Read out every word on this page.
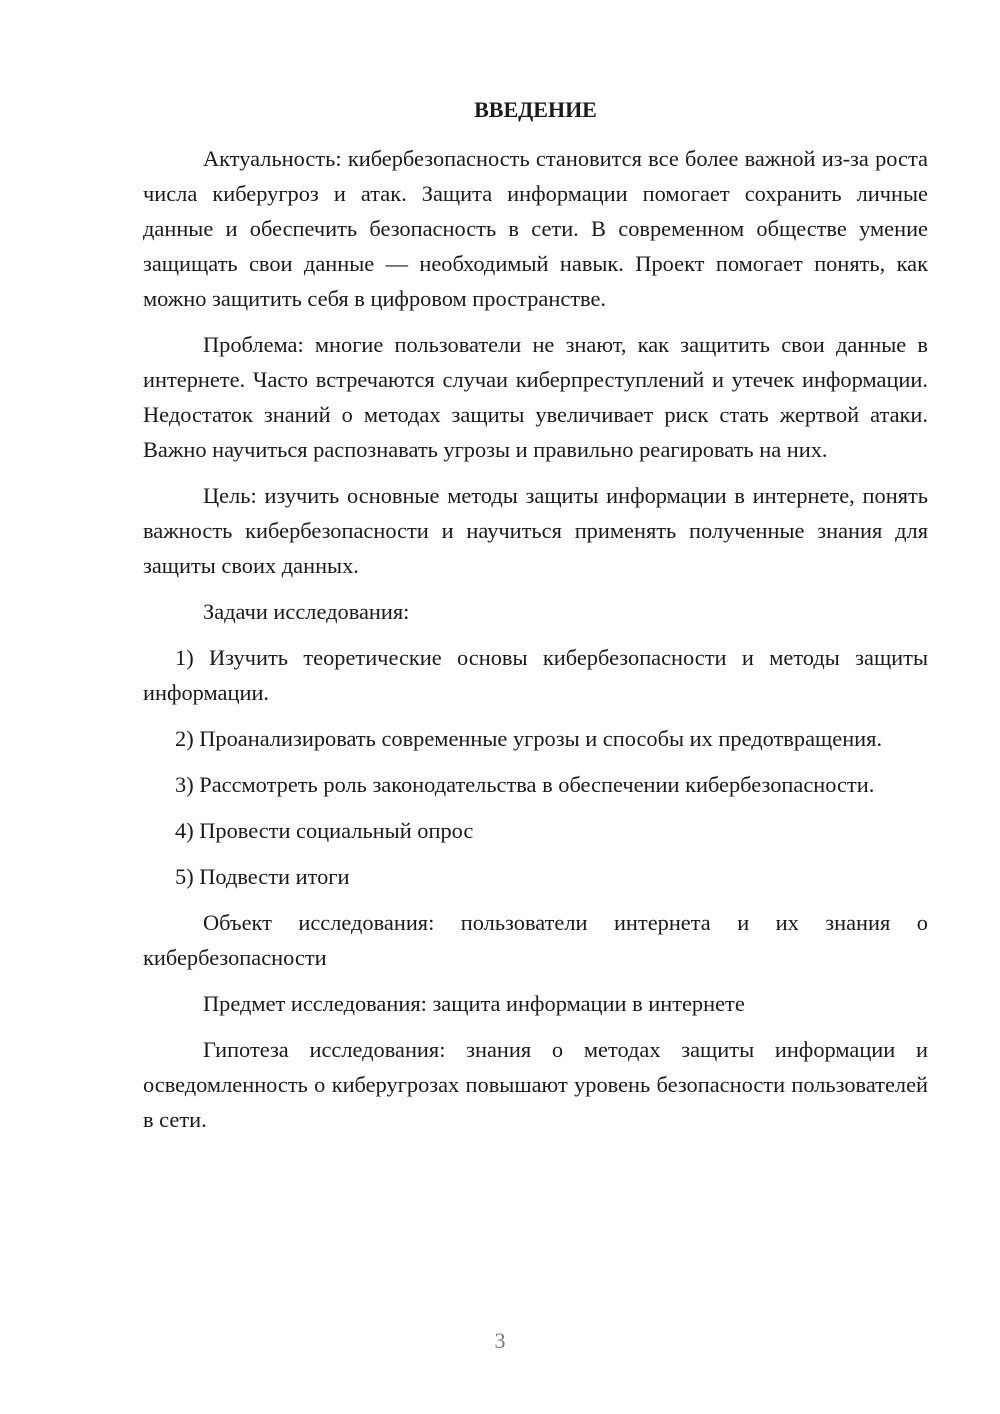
ВВЕДЕНИЕ

Актуальность: кибербезопасность становится все более важной из-за роста числа киберугроз и атак. Защита информации помогает сохранить личные данные и обеспечить безопасность в сети. В современном обществе умение защищать свои данные — необходимый навык. Проект помогает понять, как можно защитить себя в цифровом пространстве.

Проблема: многие пользователи не знают, как защитить свои данные в интернете. Часто встречаются случаи киберпреступлений и утечек информации. Недостаток знаний о методах защиты увеличивает риск стать жертвой атаки. Важно научиться распознавать угрозы и правильно реагировать на них.

Цель: изучить основные методы защиты информации в интернете, понять важность кибербезопасности и научиться применять полученные знания для защиты своих данных.

Задачи исследования:

1) Изучить теоретические основы кибербезопасности и методы защиты информации.

2) Проанализировать современные угрозы и способы их предотвращения.

3) Рассмотреть роль законодательства в обеспечении кибербезопасности.

4) Провести социальный опрос

5) Подвести итоги

Объект исследования: пользователи интернета и их знания о кибербезопасности

Предмет исследования: защита информации в интернете

Гипотеза исследования: знания о методах защиты информации и осведомленность о киберугрозах повышают уровень безопасности пользователей в сети.

3
